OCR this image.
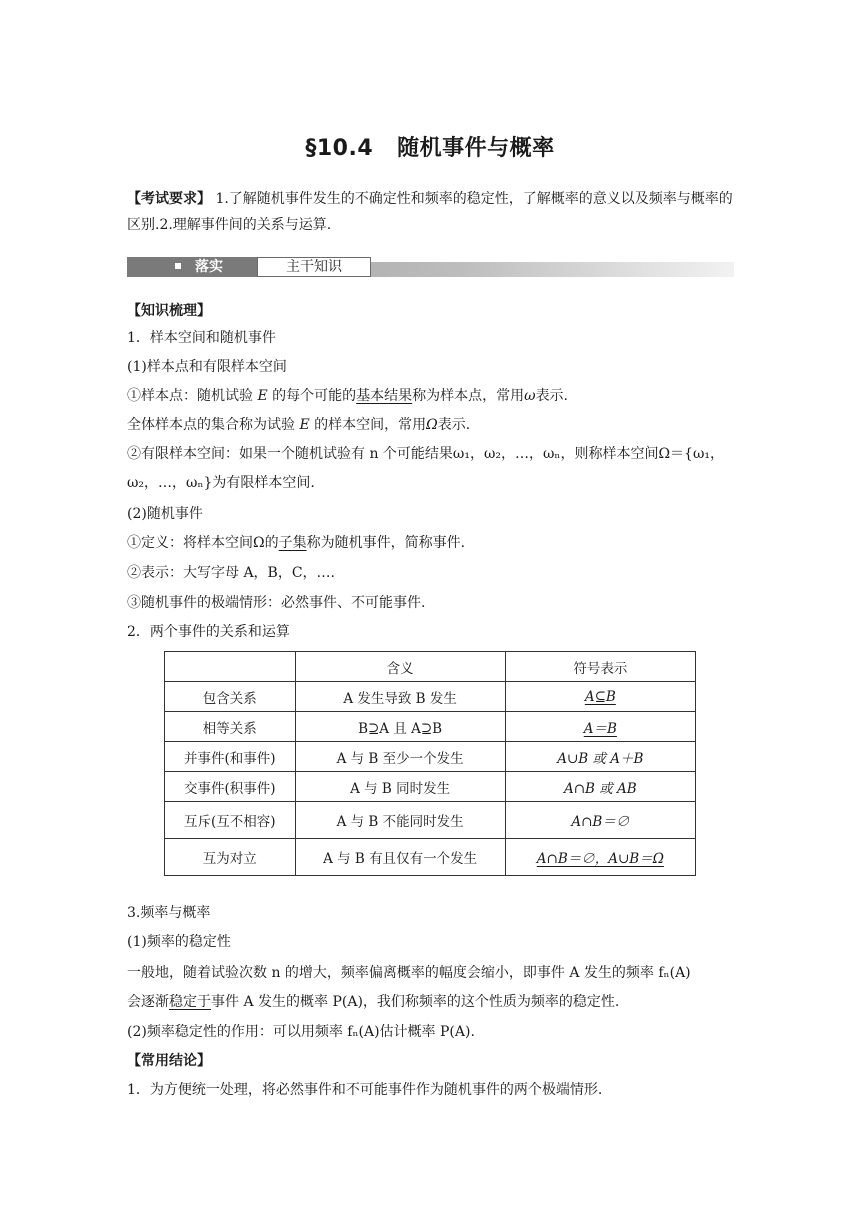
§10.4 随机事件与概率
【考试要求】 1.了解随机事件发生的不确定性和频率的稳定性，了解概率的意义以及频率与概率的区别.2.理解事件间的关系与运算.
落实	主干知识
【知识梳理】
1．样本空间和随机事件
(1)样本点和有限样本空间
①样本点：随机试验 E 的每个可能的基本结果称为样本点，常用ω表示.
全体样本点的集合称为试验 E 的样本空间，常用Ω表示.
②有限样本空间：如果一个随机试验有 n 个可能结果ω₁，ω₂，…，ωₙ，则称样本空间Ω＝{ω₁，
ω₂，…，ωₙ}为有限样本空间.
(2)随机事件
①定义：将样本空间Ω的子集称为随机事件，简称事件.
②表示：大写字母 A，B，C，….
③随机事件的极端情形：必然事件、不可能事件.
2．两个事件的关系和运算
	含义	符号表示
包含关系	A 发生导致 B 发生	A⊆B
相等关系	B⊇A 且 A⊇B	A＝B
并事件(和事件)	A 与 B 至少一个发生	A∪B 或 A＋B
交事件(积事件)	A 与 B 同时发生	A∩B 或 AB
互斥(互不相容)	A 与 B 不能同时发生	A∩B＝∅
互为对立	A 与 B 有且仅有一个发生	A∩B＝∅，A∪B＝Ω
3.频率与概率
(1)频率的稳定性
一般地，随着试验次数 n 的增大，频率偏离概率的幅度会缩小，即事件 A 发生的频率 fₙ(A)
会逐渐稳定于事件 A 发生的概率 P(A)，我们称频率的这个性质为频率的稳定性.
(2)频率稳定性的作用：可以用频率 fₙ(A)估计概率 P(A).
【常用结论】
1．为方便统一处理，将必然事件和不可能事件作为随机事件的两个极端情形.
